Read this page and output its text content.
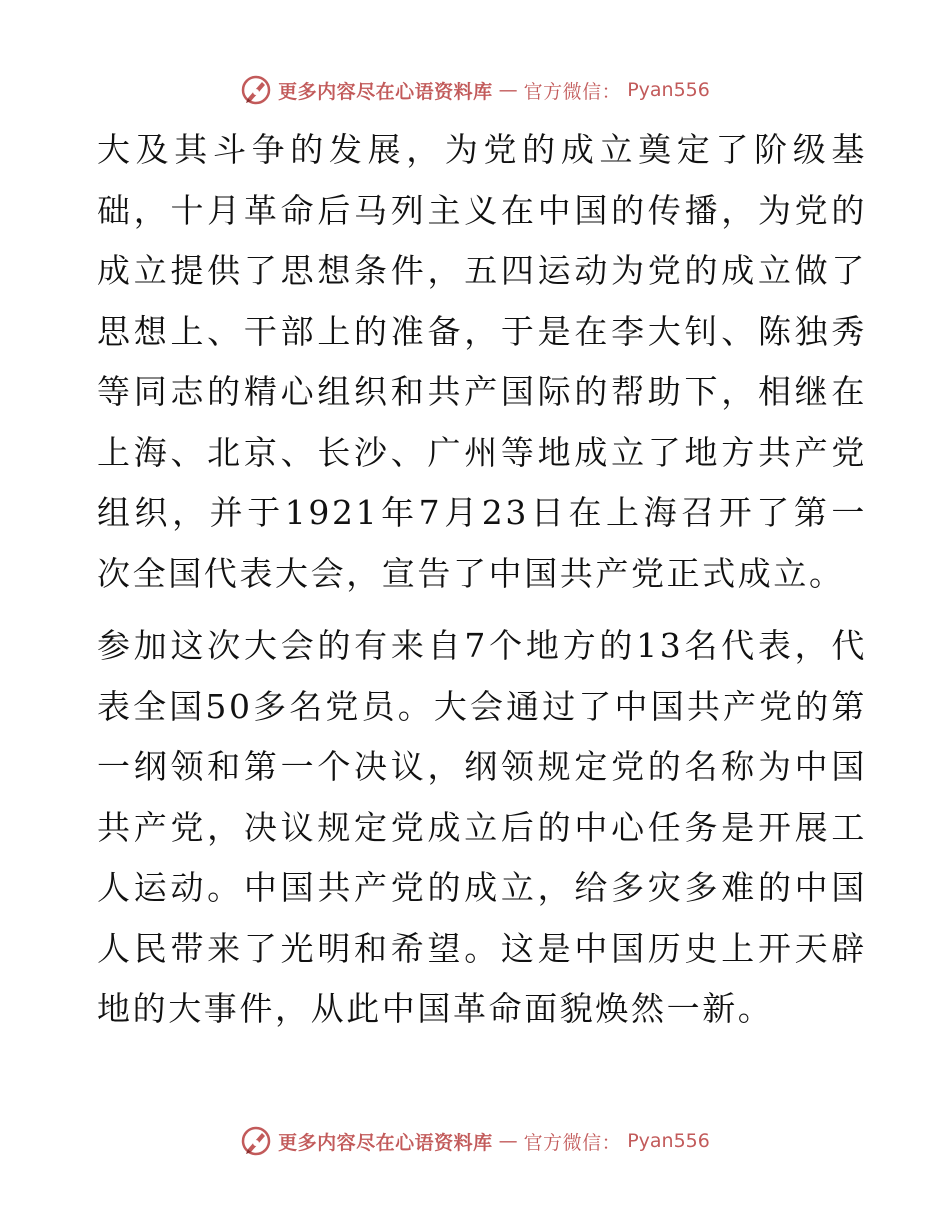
更多内容尽在心语资料库 — 官方微信： Pyan556

大及其斗争的发展，为党的成立奠定了阶级基础，十月革命后马列主义在中国的传播，为党的成立提供了思想条件，五四运动为党的成立做了思想上、干部上的准备，于是在李大钊、陈独秀等同志的精心组织和共产国际的帮助下，相继在上海、北京、长沙、广州等地成立了地方共产党组织，并于1921年7月23日在上海召开了第一次全国代表大会，宣告了中国共产党正式成立。

参加这次大会的有来自7个地方的13名代表，代表全国50多名党员。大会通过了中国共产党的第一纲领和第一个决议，纲领规定党的名称为中国共产党，决议规定党成立后的中心任务是开展工人运动。中国共产党的成立，给多灾多难的中国人民带来了光明和希望。这是中国历史上开天辟地的大事件，从此中国革命面貌焕然一新。

更多内容尽在心语资料库 — 官方微信： Pyan556
